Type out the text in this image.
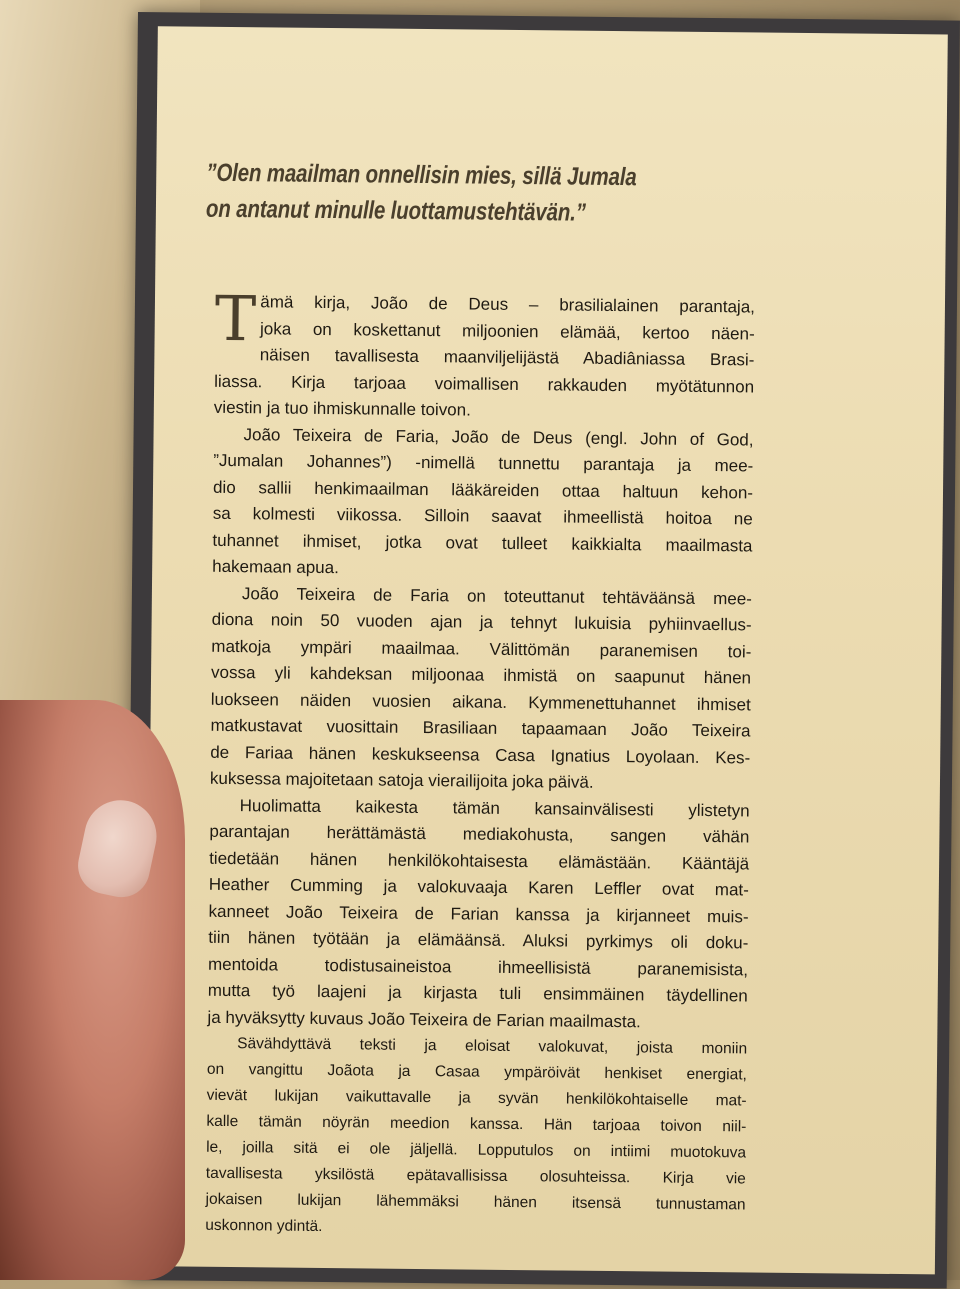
”Olen maailman onnellisin mies, sillä Jumala
on antanut minulle luottamustehtävän.”

T ämä kirja, João de Deus – brasilialainen parantaja,
joka on koskettanut miljoonien elämää, kertoo näen-
näisen tavallisesta maanviljelijästä Abadiâniassa Brasi-
liassa. Kirja tarjoaa voimallisen rakkauden myötätunnon
viestin ja tuo ihmiskunnalle toivon.

João Teixeira de Faria, João de Deus (engl. John of God,
”Jumalan Johannes”) -nimellä tunnettu parantaja ja mee-
dio sallii henkimaailman lääkäreiden ottaa haltuun kehon-
sa kolmesti viikossa. Silloin saavat ihmeellistä hoitoa ne
tuhannet ihmiset, jotka ovat tulleet kaikkialta maailmasta
hakemaan apua.

João Teixeira de Faria on toteuttanut tehtäväänsä mee-
diona noin 50 vuoden ajan ja tehnyt lukuisia pyhiinvaellus-
matkoja ympäri maailmaa. Välittömän paranemisen toi-
vossa yli kahdeksan miljoonaa ihmistä on saapunut hänen
luokseen näiden vuosien aikana. Kymmenettuhannet ihmiset
matkustavat vuosittain Brasiliaan tapaamaan João Teixeira
de Fariaa hänen keskukseensa Casa Ignatius Loyolaan. Kes-
kuksessa majoitetaan satoja vierailijoita joka päivä.

Huolimatta kaikesta tämän kansainvälisesti ylistetyn
parantajan herättämästä mediakohusta, sangen vähän
tiedetään hänen henkilökohtaisesta elämästään. Kääntäjä
Heather Cumming ja valokuvaaja Karen Leffler ovat mat-
kanneet João Teixeira de Farian kanssa ja kirjanneet muis-
tiin hänen työtään ja elämäänsä. Aluksi pyrkimys oli doku-
mentoida todistusaineistoa ihmeellisistä paranemisista,
mutta työ laajeni ja kirjasta tuli ensimmäinen täydellinen
ja hyväksytty kuvaus João Teixeira de Farian maailmasta.

Sävähdyttävä teksti ja eloisat valokuvat, joista moniin
on vangittu Joãota ja Casaa ympäröivät henkiset energiat,
vievät lukijan vaikuttavalle ja syvän henkilökohtaiselle mat-
kalle tämän nöyrän meedion kanssa. Hän tarjoaa toivon niil-
le, joilla sitä ei ole jäljellä. Lopputulos on intiimi muotokuva
tavallisesta yksilöstä epätavallisissa olosuhteissa. Kirja vie
jokaisen lukijan lähemmäksi hänen itsensä tunnustaman
uskonnon ydintä.
